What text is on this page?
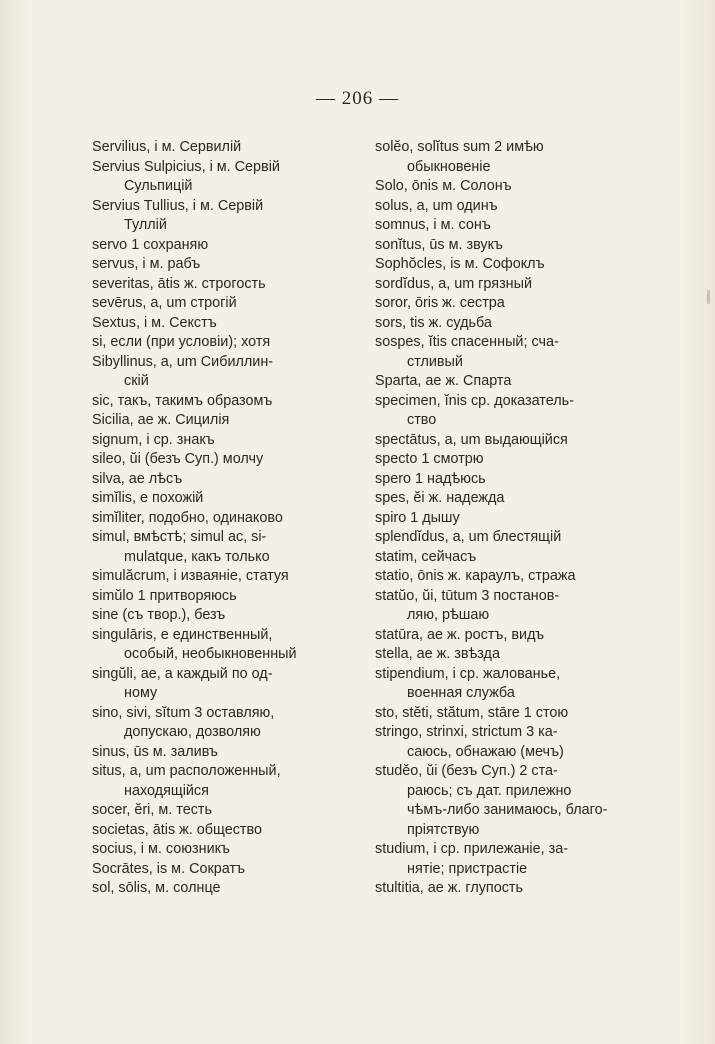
— 206 —

Servilius, i м. Сервилій

Servius Sulpicius, i м. Сервій
Сульпицій

Servius Tullius, i м. Сервій
Туллій

servo 1 сохраняю

servus, i м. рабъ

severitas, ātis ж. строгость

sevērus, a, um строгій

Sextus, i м. Секстъ

si, если (при условіи); хотя

Sibyllinus, a, um Сибиллин-
скій

sic, такъ, такимъ образомъ

Sicilia, ae ж. Сицилія

signum, i ср. знакъ

sileo, ŭi (безъ Суп.) молчу

silva, ae лѣсъ

simĭlis, e похожій

simĭliter, подобно, одинаково

simul, вмѣстѣ; simul ac, si-
mulatque, какъ только

simulăcrum, i изваяніе, статуя

simŭlo 1 притворяюсь

sine (съ твор.), безъ

singulāris, e единственный,
особый, необыкновенный

singŭli, ae, a каждый по од-
ному

sino, sivi, sĭtum 3 оставляю,
допускаю, дозволяю

sinus, ūs м. заливъ

situs, a, um расположенный,
находящійся

socer, ĕri, м. тесть

societas, ātis ж. общество

socius, i м. союзникъ

Socrātes, is м. Сократъ

sol, sōlis, м. солнце

solĕo, solĭtus sum 2 имѣю
обыкновеніе

Solo, ōnis м. Солонъ

solus, a, um одинъ

somnus, i м. сонъ

sonĭtus, ūs м. звукъ

Sophŏcles, is м. Софоклъ

sordĭdus, a, um грязный

soror, ōris ж. сестра

sors, tis ж. судьба

sospes, ĭtis спасенный; сча-
стливый

Sparta, ae ж. Спарта

specimen, ĭnis ср. доказатель-
ство

spectātus, a, um выдающійся

specto 1 смотрю

spero 1 надѣюсь

spes, ĕi ж. надежда

spiro 1 дышу

splendĭdus, a, um блестящій

statim, сейчасъ

statio, ōnis ж. караулъ, стража

statŭo, ŭi, tūtum 3 постанов-
ляю, рѣшаю

statūra, ae ж. ростъ, видъ

stella, ae ж. звѣзда

stipendium, i ср. жалованье,
военная служба

sto, stĕti, stătum, stāre 1 стою

stringo, strinxi, strictum 3 ка-
саюсь, обнажаю (мечъ)

studĕo, ŭi (безъ Суп.) 2 ста-
раюсь; съ дат. прилежно

чѣмъ-либо занимаюсь, благо-

пріятствую

studium, i ср. прилежаніе, за-
нятіе; пристрастіе

stultitia, ae ж. глупость
